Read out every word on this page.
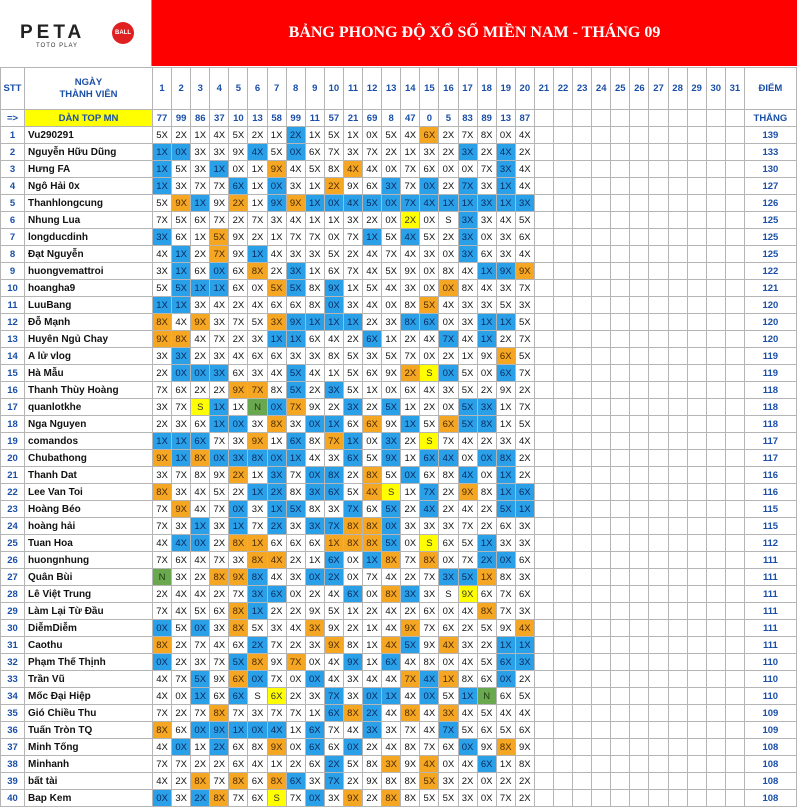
PETA	BALL
TOTO PLAY
BẢNG PHONG ĐỘ XỔ SỐ MIỀN NAM - THÁNG 09
STT	NGÀY
THÀNH VIÊN	1	2	3	4	5	6	7	8	9	10	11	12	13	14	15	16	17	18	19	20	21	22	23	24	25	26	27	28	29	30	31	ĐIỂM
=>	DÀN TOP MN	77	99	86	37	10	13	58	99	11	57	21	69	8	47	0	5	83	89	13	87												THẮNG
1	Vu290291	5X	2X	1X	4X	5X	2X	1X	2X	1X	5X	1X	0X	5X	4X	6X	2X	7X	8X	0X	4X												139
2	Nguyễn Hữu Dũng	1X	0X	3X	3X	9X	4X	5X	0X	6X	7X	3X	7X	2X	1X	3X	2X	3X	2X	4X	2X												133
3	Hưng FA	1X	5X	3X	1X	0X	1X	9X	4X	5X	8X	4X	4X	0X	7X	6X	0X	0X	7X	3X	4X												130
4	Ngô Hải 0x	1X	3X	7X	7X	6X	1X	0X	3X	1X	2X	9X	6X	3X	7X	0X	2X	7X	3X	1X	4X												127
5	Thanhlongcung	5X	9X	1X	9X	2X	1X	9X	9X	1X	0X	4X	5X	0X	7X	4X	1X	1X	3X	1X	3X												126
6	Nhung Lua	7X	5X	6X	7X	2X	7X	3X	4X	1X	1X	3X	2X	0X	2X	0X	S	3X	3X	4X	5X												125
7	longducdinh	3X	6X	1X	5X	9X	2X	1X	7X	7X	0X	7X	1X	5X	4X	5X	2X	3X	0X	3X	6X												125
8	Đạt Nguyễn	4X	1X	2X	7X	9X	1X	4X	3X	3X	5X	2X	4X	7X	4X	3X	0X	3X	6X	3X	4X												125
9	huongvemattroi	3X	1X	6X	0X	6X	8X	2X	3X	1X	6X	7X	4X	5X	9X	0X	8X	4X	1X	9X	9X												122
10	hoangha9	5X	5X	1X	1X	6X	0X	5X	5X	8X	9X	1X	5X	4X	3X	0X	0X	8X	4X	3X	7X												121
11	LuuBang	1X	1X	3X	4X	2X	4X	6X	6X	8X	0X	3X	4X	0X	8X	5X	4X	3X	3X	5X	3X												120
12	Đỗ Mạnh	8X	4X	9X	3X	7X	5X	3X	9X	1X	1X	1X	2X	3X	8X	6X	0X	3X	1X	1X	5X												120
13	Huyên Ngủ Chay	9X	8X	4X	7X	2X	3X	1X	1X	6X	4X	2X	6X	1X	2X	4X	7X	4X	1X	2X	7X												120
14	A lử vlog	3X	3X	2X	3X	4X	6X	6X	3X	3X	8X	5X	3X	5X	7X	0X	2X	1X	9X	6X	5X												119
15	Hà Mẫu	2X	0X	0X	3X	6X	3X	4X	5X	4X	1X	5X	6X	9X	2X	S	0X	5X	0X	6X	7X												119
16	Thanh Thùy Hoàng	7X	6X	2X	2X	9X	7X	8X	5X	2X	3X	5X	1X	0X	6X	4X	3X	5X	2X	9X	2X												118
17	quanlotkhe	3X	7X	S	1X	1X	N	0X	7X	9X	2X	3X	2X	5X	1X	2X	0X	5X	3X	1X	7X												118
18	Nga Nguyen	2X	3X	6X	1X	0X	3X	8X	3X	0X	1X	6X	6X	9X	1X	5X	6X	5X	8X	1X	5X												118
19	comandos	1X	1X	6X	7X	3X	9X	1X	6X	8X	7X	1X	0X	3X	2X	S	7X	4X	2X	3X	4X												117
20	Chubathong	9X	1X	8X	0X	3X	8X	0X	1X	4X	3X	6X	5X	9X	1X	6X	4X	0X	0X	8X	2X												117
21	Thanh Dat	3X	7X	8X	9X	2X	1X	3X	7X	0X	8X	2X	8X	5X	0X	6X	8X	4X	0X	1X	2X												116
22	Lee Van Toi	8X	3X	4X	5X	2X	1X	2X	8X	3X	6X	5X	4X	S	1X	7X	2X	9X	8X	1X	6X												116
23	Hoàng Béo	7X	9X	4X	7X	0X	3X	1X	5X	8X	3X	7X	6X	5X	2X	4X	2X	4X	2X	5X	1X												115
24	hoàng hải	7X	3X	1X	3X	1X	7X	2X	3X	3X	7X	8X	8X	0X	3X	3X	3X	7X	2X	6X	3X												115
25	Tuan Hoa	4X	4X	0X	2X	8X	1X	6X	6X	6X	1X	8X	8X	5X	0X	S	6X	5X	1X	3X	3X												112
26	huongnhung	7X	6X	4X	7X	3X	8X	4X	2X	1X	6X	0X	1X	8X	7X	8X	0X	7X	2X	0X	6X												111
27	Quân Bùi	N	3X	2X	8X	9X	8X	4X	3X	0X	2X	0X	7X	4X	2X	7X	3X	5X	1X	8X	3X												111
28	Lê Việt Trung	2X	4X	4X	2X	7X	3X	6X	0X	2X	4X	6X	0X	8X	3X	3X	S	9X	6X	7X	6X												111
29	Làm Lại Từ Đầu	7X	4X	5X	6X	8X	1X	2X	2X	9X	5X	1X	2X	4X	2X	6X	0X	4X	8X	7X	3X												111
30	DiễmDiễm	0X	5X	0X	3X	8X	5X	3X	4X	3X	9X	2X	1X	4X	9X	7X	6X	2X	5X	9X	4X												111
31	Caothu	8X	2X	7X	4X	6X	2X	7X	2X	3X	9X	8X	1X	4X	5X	9X	4X	3X	2X	1X	1X												111
32	Phạm Thế Thịnh	0X	2X	3X	7X	5X	8X	9X	7X	0X	4X	9X	1X	6X	4X	8X	0X	4X	5X	6X	3X												110
33	Trần Vũ	4X	7X	5X	9X	6X	0X	7X	0X	0X	4X	3X	4X	4X	7X	4X	1X	8X	6X	0X	2X												110
34	Mốc Đại Hiệp	4X	0X	1X	6X	6X	S	6X	2X	3X	7X	3X	0X	1X	4X	0X	5X	1X	N	6X	5X												110
35	Gió Chiều Thu	7X	2X	7X	8X	7X	3X	7X	7X	1X	6X	8X	2X	4X	8X	4X	3X	4X	5X	4X	4X												109
36	Tuấn Tròn TQ	8X	6X	0X	9X	1X	0X	4X	1X	6X	7X	4X	3X	3X	7X	4X	7X	5X	6X	5X	6X												109
37	Minh Tống	4X	0X	1X	2X	6X	8X	9X	0X	6X	6X	0X	2X	4X	8X	7X	6X	0X	9X	8X	9X												108
38	Minhanh	7X	7X	2X	2X	6X	4X	1X	2X	6X	2X	5X	8X	3X	9X	4X	0X	4X	6X	1X	8X												108
39	bất tài	4X	2X	8X	7X	8X	6X	8X	6X	3X	7X	2X	9X	8X	8X	5X	3X	2X	0X	2X	2X												108
40	Bap Kem	0X	3X	2X	8X	7X	6X	S	7X	0X	3X	9X	2X	8X	8X	5X	5X	3X	0X	7X	2X												108
